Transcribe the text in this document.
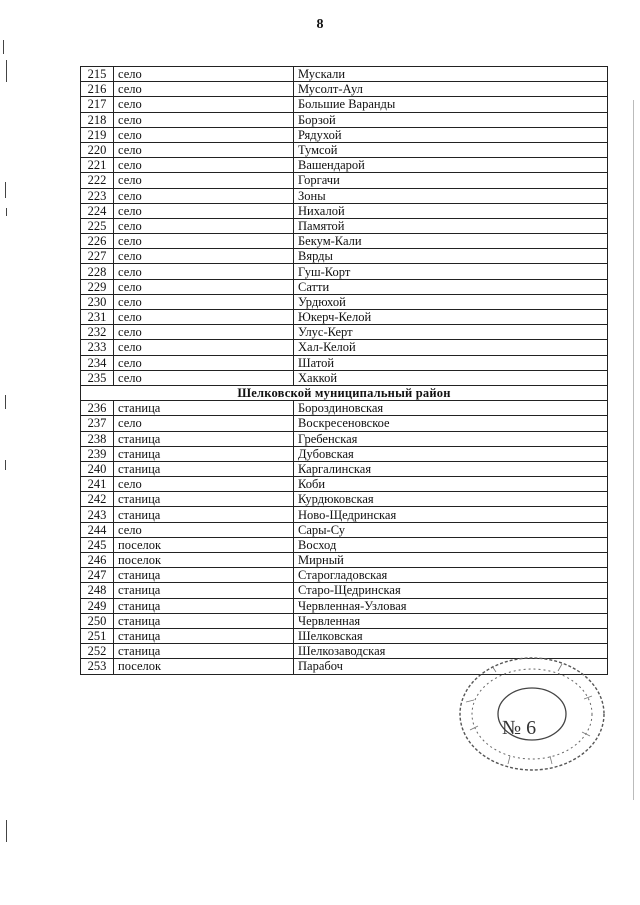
8
215	село	Мускали
216	село	Мусолт-Аул
217	село	Большие Варанды
218	село	Борзой
219	село	Рядухой
220	село	Тумсой
221	село	Вашендарой
222	село	Горгачи
223	село	Зоны
224	село	Нихалой
225	село	Памятой
226	село	Бекум-Кали
227	село	Вярды
228	село	Гуш-Корт
229	село	Сатти
230	село	Урдюхой
231	село	Юкерч-Келой
232	село	Улус-Керт
233	село	Хал-Келой
234	село	Шатой
235	село	Хаккой
Шелковской муниципальный район		
236	станица	Бороздиновская
237	село	Воскресеновское
238	станица	Гребенская
239	станица	Дубовская
240	станица	Каргалинская
241	село	Коби
242	станица	Курдюковская
243	станица	Ново-Щедринская
244	село	Сары-Су
245	поселок	Восход
246	поселок	Мирный
247	станица	Староглaдовская
248	станица	Старо-Щедринская
249	станица	Червленная-Узловая
250	станица	Червленная
251	станица	Шелковская
252	станица	Шелкозаводская
253	поселок	Парабоч
№ 6
